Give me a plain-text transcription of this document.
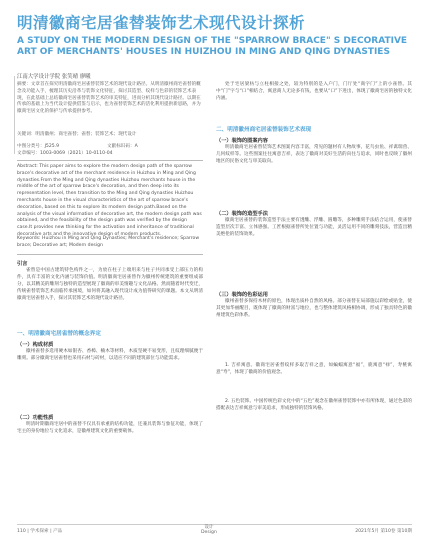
明清徽商宅居雀替装饰艺术现代设计探析
A STUDY ON THE MODERN DESIGN OF THE "SPARROW BRACE" S DECORATIVE ART OF MERCHANTS' HOUSES IN HUIZHOU IN MING AND QING DYNASTIES
江南大学设计学院 张笑晴 廖曦
摘要：文章首在探究明清徽商宅居雀替装饰艺术的现代设计路径。从明清徽州商宅雀替的概念及功能入手，梳理其历史沿革与装饰文化特征，探讨其造型、纹样与色彩的装饰艺术表现，在此基础上总结徽商宅居雀替装饰艺术的审美特征，进而分析其现代设计路径。以期在传承的基础上为当代设计提供借鉴与启示，也为雀替装饰艺术的活化利用提供新思路，并为徽商宅居文化的保护与传承提供参考。
关键词：明清徽州；商宅雀替；雀替；装饰艺术；现代设计
中图分类号：J525.9	文献标识码：A
文章编号：1003-0069（2021）10-0110-04
Abstract: This paper aims to explore the modern design path of the sparrow brace's decorative art of the merchant residence in Huizhou in Ming and Qing dynasties.From the Ming and Qing dynasties Huizhou merchants house in the middle of the art of sparrow brace's decoration, and then deep into its representation level, then transition to the Ming and Qing dynasties Huizhou merchants house in the visual characteristics of the art of sparrow brace's decoration, based on this to explore its modern design path.Based on the analysis of the visual information of decorative art, the modern design path was obtained, and the feasibility of the design path was verified by the design case.It provides new thinking for the activation and inheritance of traditional decorative arts and the innovative design of modern products.
Keywords: Huizhou in Ming and Qing Dynasties; Merchant's residence; Sparrow brace; Decorative art; Modern design
引言
雀替是中国古建筑特色构件之一，为放在柱子上端用来与柱子共同承受上部压力的构件，具有丰富的文化内涵与装饰价值。明清徽商宅居雀替作为徽州传统建筑的重要组成部分，以其精美的雕刻与独特的造型展现了徽商的审美情趣与文化品格。然而随着时代变迁，传统雀替装饰艺术面临传承困境，如何将其融入现代设计成为值得研究的课题。本文从明清徽商宅居雀替入手，探讨其装饰艺术的现代设计路径。
一、明清徽商宅居雀替的概念界定
（一）构成材质
徽州雀替多选用硬木如银杏、香樟、楠木等材料，木质坚硬不易变形，且纹理细腻便于雕刻。部分徽商宅居雀替也采用石材与砖材，以适应不同的建筑部位与功能需求。
（二）功能性质
明清时期徽商宅居中的雀替不仅具有承重的结构功能，还兼具装饰与象征功能，体现了宅主的身份地位与文化追求，是徽州建筑文化的重要载体。
处于宅居梁枋与立柱相接之处，较为特别的是入户门，门厅处“商字门”上的小雀替。其中“门”字与“口”相结合，寓意商人无论多有钱，也要从“口”下进出，体现了徽商宅居的独特文化内涵。
二、明清徽州商宅居雀替装饰艺术表现
（一）装饰的图案内容
明清徽商宅居雀替装饰艺术图案内容丰富，常见的题材有人物故事、花鸟虫鱼、祥禽瑞兽、几何纹样等。这些图案往往寓意吉祥，表达了徽商对美好生活的向往与追求，同时也反映了徽州地区的民俗文化与审美取向。
（二）装饰的造型手法
徽商宅居雀替的装饰造型手法主要有透雕、浮雕、圆雕等，多种雕刻手法结合运用，使雀替造型层次丰富、立体感强。工匠根据雀替所处位置与功能，灵活运用不同的雕刻技法，营造出精美绝伦的装饰效果。
（三）装饰的色彩运用
徽州雀替多保持木材的原色，体现出质朴自然的风格。部分雀替在局部施以彩绘或贴金，使其更加华丽醒目，既体现了徽商的财富与地位，也与整体建筑风格相协调，形成了独具特色的徽州建筑色彩体系。
1. 吉祥寓意。徽商宅居雀替纹样多取吉祥之意，如蝙蝠寓意“福”，鹿寓意“禄”，寿桃寓意“寿”，体现了徽商的价值观念。
2. 五色装饰。中国传统色彩文化中的“五色”观念在徽州雀替装饰中亦有所体现，通过色彩的搭配表达吉祥寓意与审美追求，形成独特的装饰风格。
110 | 学术探索 | 产品
设计
Design	2021年5月 第10卷 第10期
